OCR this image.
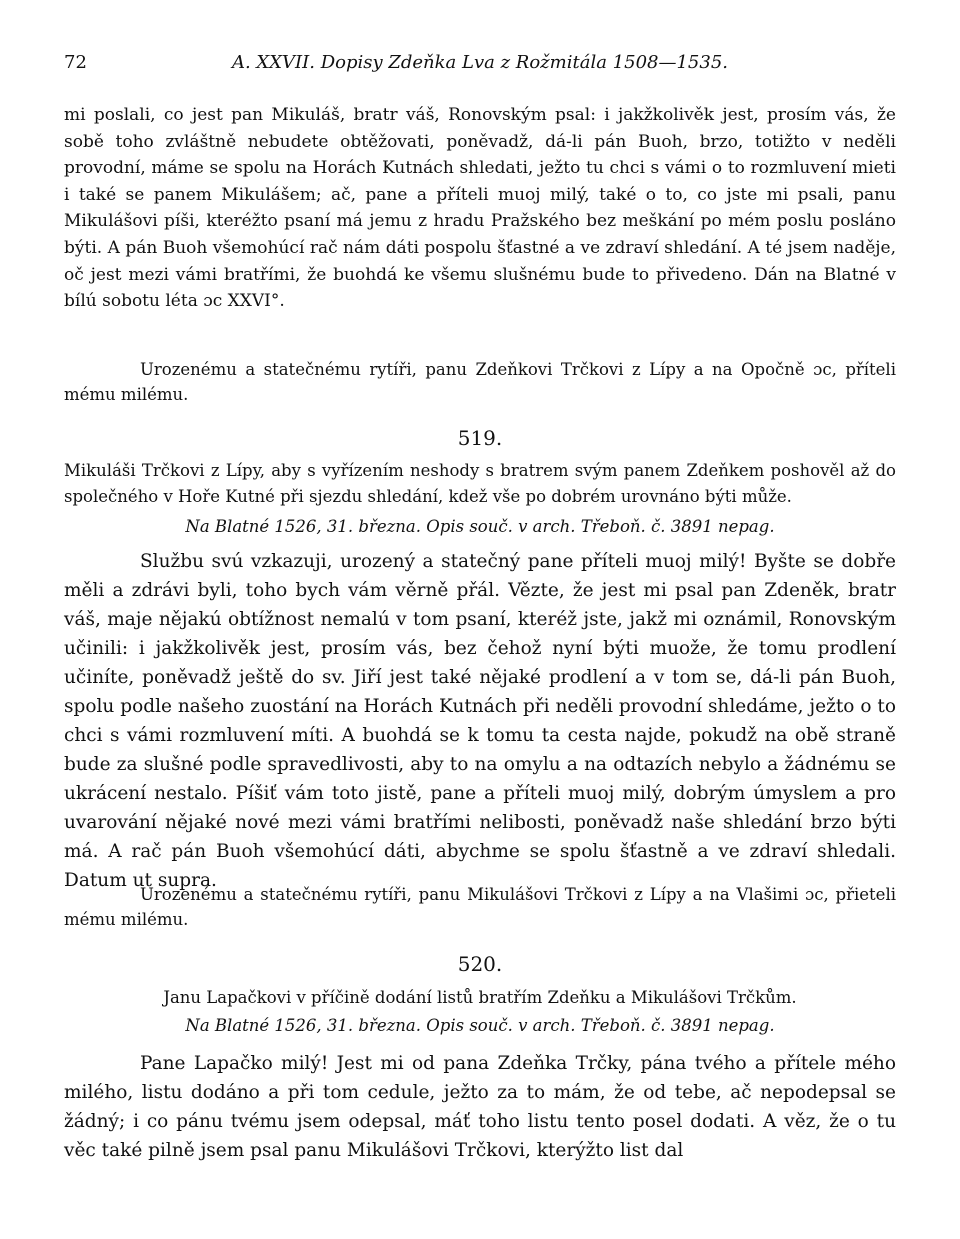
72	A. XXVII. Dopisy Zdeňka Lva z Rožmitála 1508—1535.

mi poslali, co jest pan Mikuláš, bratr váš, Ronovským psal: i jakžkolivěk jest, prosím vás, že sobě toho zvláštně nebudete obtěžovati, poněvadž, dá-li pán Buoh, brzo, totižto v neděli provodní, máme se spolu na Horách Kutnách shledati, ježto tu chci s vámi o to rozmluvení mieti i také se panem Mikulášem; ač, pane a příteli muoj milý, také o to, co jste mi psali, panu Mikulášovi píši, kteréžto psaní má jemu z hradu Pražského bez meškání po mém poslu posláno býti. A pán Buoh všemohúcí rač nám dáti pospolu šťastné a ve zdraví shledání. A té jsem naděje, oč jest mezi vámi bratřími, že buohdá ke všemu slušnému bude to přivedeno. Dán na Blatné v bílú sobotu léta ɔc XXVI°.

Urozenému a statečnému rytíři, panu Zdeňkovi Trčkovi z Lípy a na Opočně ɔc, příteli mému milému.

519.

Mikuláši Trčkovi z Lípy, aby s vyřízením neshody s bratrem svým panem Zdeňkem poshověl až do společného v Hoře Kutné při sjezdu shledání, kdež vše po dobrém urovnáno býti může.

Na Blatné 1526, 31. března. Opis souč. v arch. Třeboň. č. 3891 nepag.

Službu svú vzkazuji, urozený a statečný pane příteli muoj milý! Byšte se dobře měli a zdrávi byli, toho bych vám věrně přál. Vězte, že jest mi psal pan Zdeněk, bratr váš, maje nějakú obtížnost nemalú v tom psaní, kteréž jste, jakž mi oznámil, Ronovským učinili: i jakžkolivěk jest, prosím vás, bez čehož nyní býti muože, že tomu prodlení učiníte, poněvadž ještě do sv. Jiří jest také nějaké prodlení a v tom se, dá-li pán Buoh, spolu podle našeho zuostání na Horách Kutnách při neděli provodní shledáme, ježto o to chci s vámi rozmluvení míti. A buohdá se k tomu ta cesta najde, pokudž na obě straně bude za slušné podle spravedlivosti, aby to na omylu a na odtazích nebylo a žádnému se ukrácení nestalo. Píšiť vám toto jistě, pane a příteli muoj milý, dobrým úmyslem a pro uvarování nějaké nové mezi vámi bratřími nelibosti, poněvadž naše shledání brzo býti má. A rač pán Buoh všemohúcí dáti, abychme se spolu šťastně a ve zdraví shledali. Datum ut supra.

Urozenému a statečnému rytíři, panu Mikulášovi Trčkovi z Lípy a na Vlašimi ɔc, přieteli mému milému.

520.

Janu Lapačkovi v příčině dodání listů bratřím Zdeňku a Mikulášovi Trčkům.

Na Blatné 1526, 31. března. Opis souč. v arch. Třeboň. č. 3891 nepag.

Pane Lapačko milý! Jest mi od pana Zdeňka Trčky, pána tvého a přítele mého milého, listu dodáno a při tom cedule, ježto za to mám, že od tebe, ač nepodepsal se žádný; i co pánu tvému jsem odepsal, máť toho listu tento posel dodati. A věz, že o tu věc také pilně jsem psal panu Mikulášovi Trčkovi, kterýžto list dal
